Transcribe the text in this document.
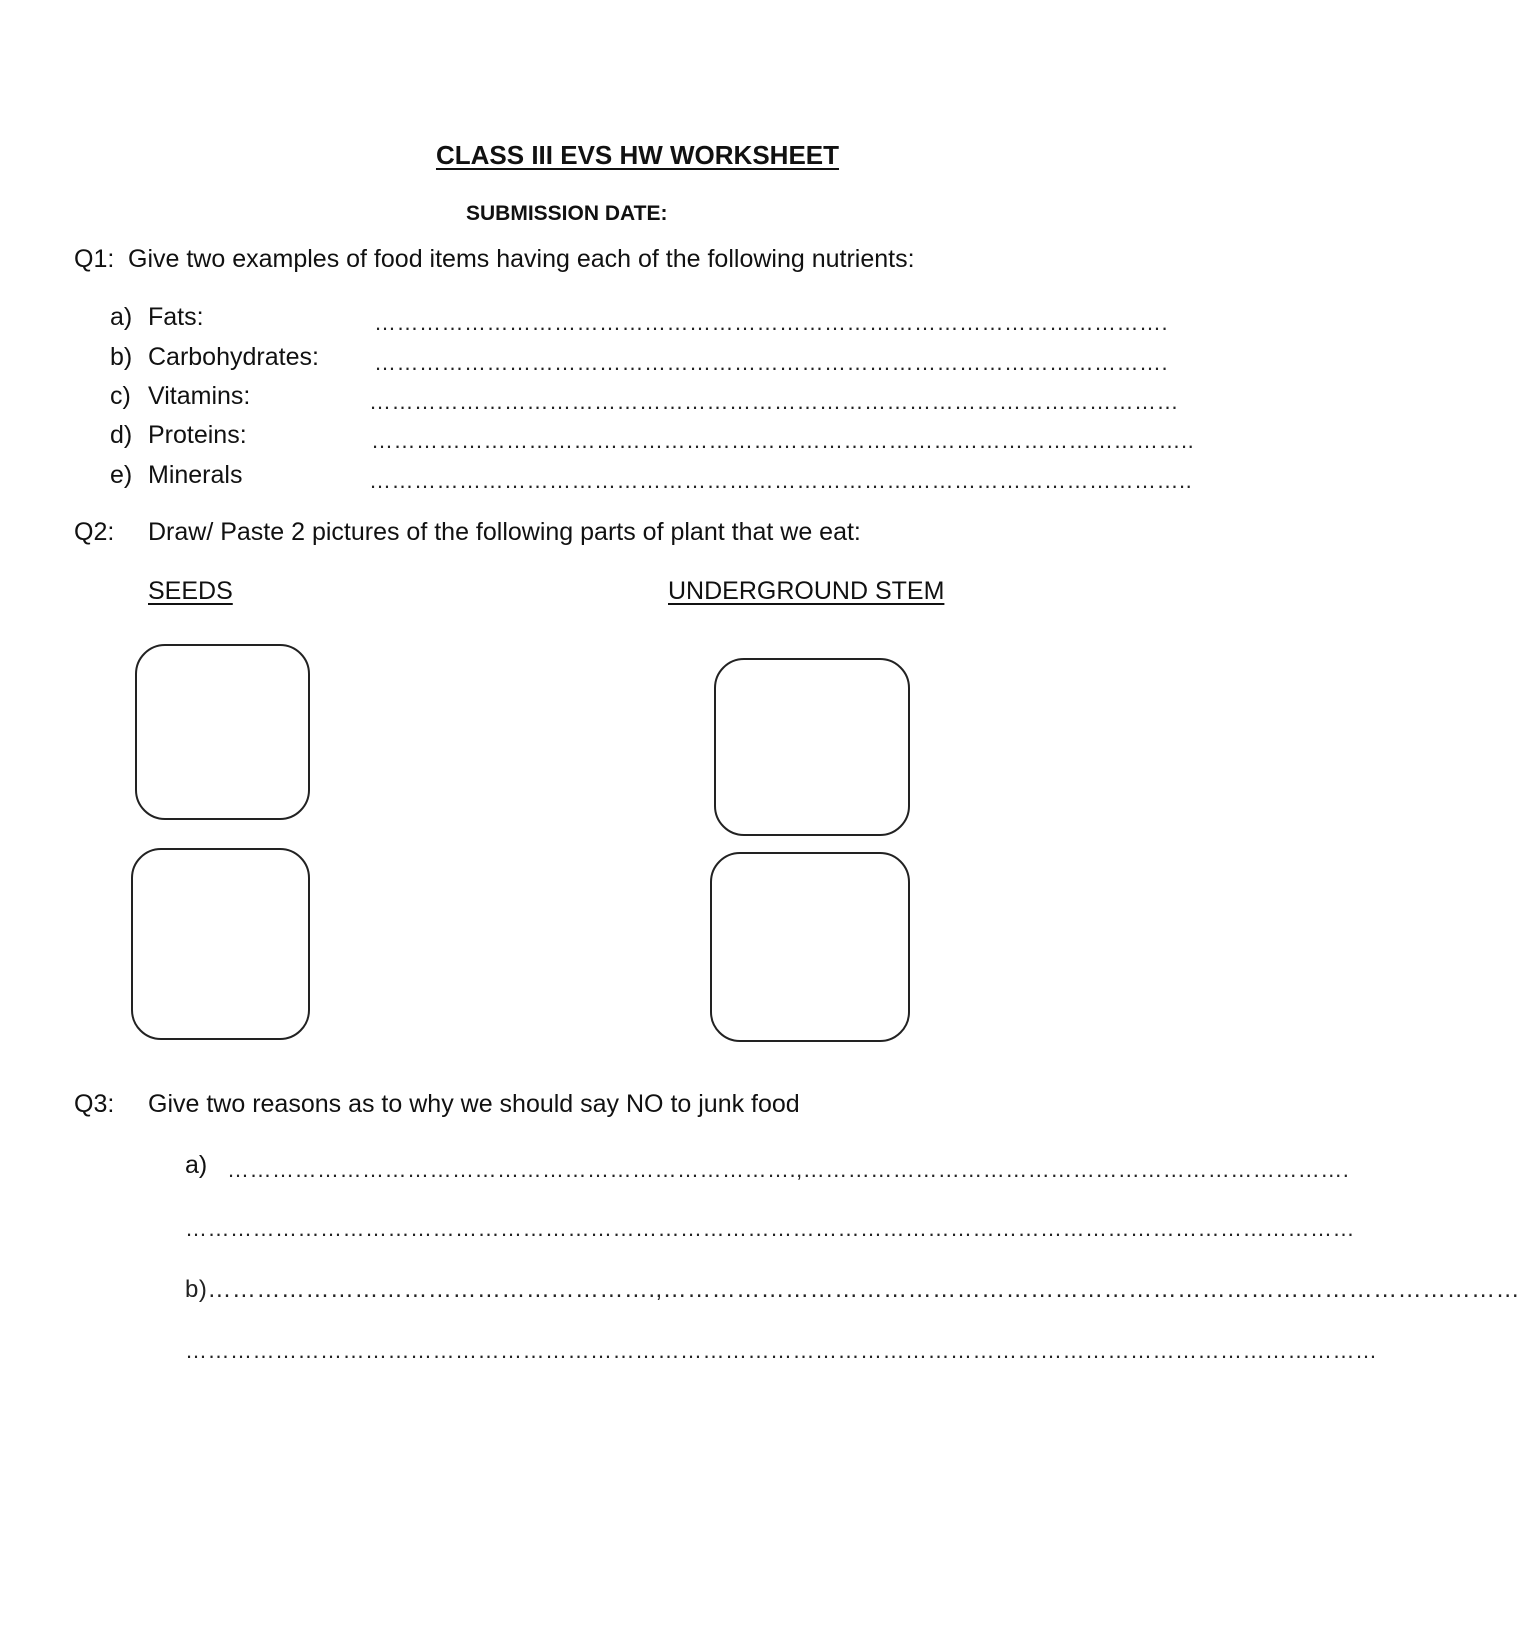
CLASS III EVS HW WORKSHEET
SUBMISSION DATE:
Q1: Give two examples of food items having each of the following nutrients:
a) Fats:	…………………………………………………………………………………………….
b) Carbohydrates:	…………………………………………………………………………………………….
c) Vitamins:	………………………………………………………………………………………………
d) Proteins:	………………………………………………………………………………………………..
e) Minerals	………………………………………………………………………………………………..
Q2: Draw/ Paste 2 pictures of the following parts of plant that we eat:
SEEDS	UNDERGROUND STEM
Q3: Give two reasons as to why we should say NO to junk food
a) ………………………………………………………………….,……………………………………………………………….
…………………………………………………………………………………………………………………………………………
b)……………………………………………….,……………………………………………………………………………………………
……………………………………………………………………………………………………………………………………………
